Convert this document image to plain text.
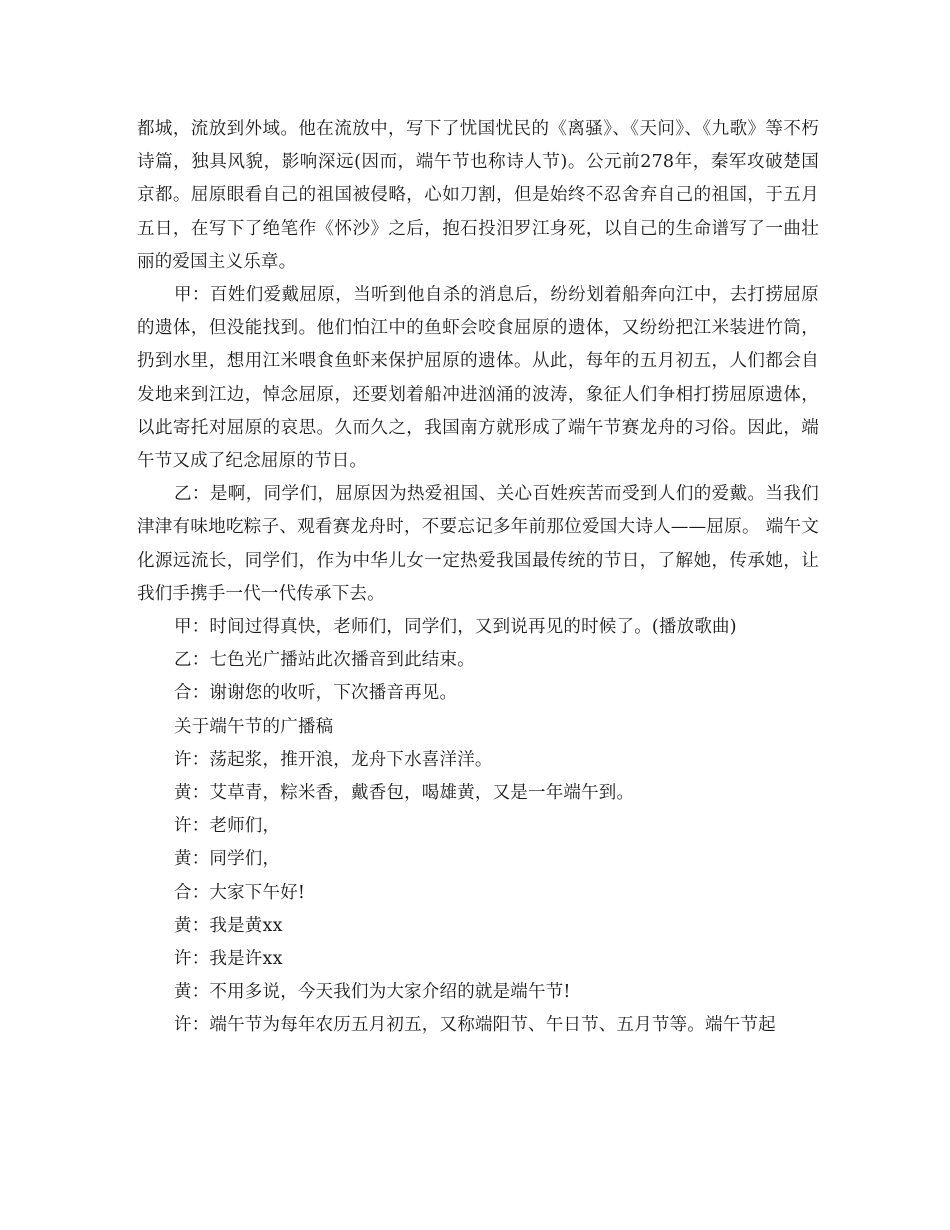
都城，流放到外域。他在流放中，写下了忧国忧民的《离骚》、《天问》、《九歌》等不朽诗篇，独具风貌，影响深远(因而，端午节也称诗人节)。公元前278年，秦军攻破楚国京都。屈原眼看自己的祖国被侵略，心如刀割，但是始终不忍舍弃自己的祖国，于五月五日，在写下了绝笔作《怀沙》之后，抱石投汨罗江身死，以自己的生命谱写了一曲壮丽的爱国主义乐章。

甲：百姓们爱戴屈原，当听到他自杀的消息后，纷纷划着船奔向江中，去打捞屈原的遗体，但没能找到。他们怕江中的鱼虾会咬食屈原的遗体，又纷纷把江米装进竹筒，扔到水里，想用江米喂食鱼虾来保护屈原的遗体。从此，每年的五月初五，人们都会自发地来到江边，悼念屈原，还要划着船冲进汹涌的波涛，象征人们争相打捞屈原遗体，以此寄托对屈原的哀思。久而久之，我国南方就形成了端午节赛龙舟的习俗。因此，端午节又成了纪念屈原的节日。

乙：是啊，同学们，屈原因为热爱祖国、关心百姓疾苦而受到人们的爱戴。当我们津津有味地吃粽子、观看赛龙舟时，不要忘记多年前那位爱国大诗人——屈原。 端午文化源远流长，同学们，作为中华儿女一定热爱我国最传统的节日，了解她，传承她，让我们手携手一代一代传承下去。

甲：时间过得真快，老师们，同学们，又到说再见的时候了。(播放歌曲)

乙：七色光广播站此次播音到此结束。

合：谢谢您的收听，下次播音再见。

关于端午节的广播稿

许：荡起浆，推开浪，龙舟下水喜洋洋。

黄：艾草青，粽米香，戴香包，喝雄黄，又是一年端午到。

许：老师们，

黄：同学们，

合：大家下午好!

黄：我是黄xx

许：我是许xx

黄：不用多说，今天我们为大家介绍的就是端午节!

许：端午节为每年农历五月初五，又称端阳节、午日节、五月节等。端午节起
